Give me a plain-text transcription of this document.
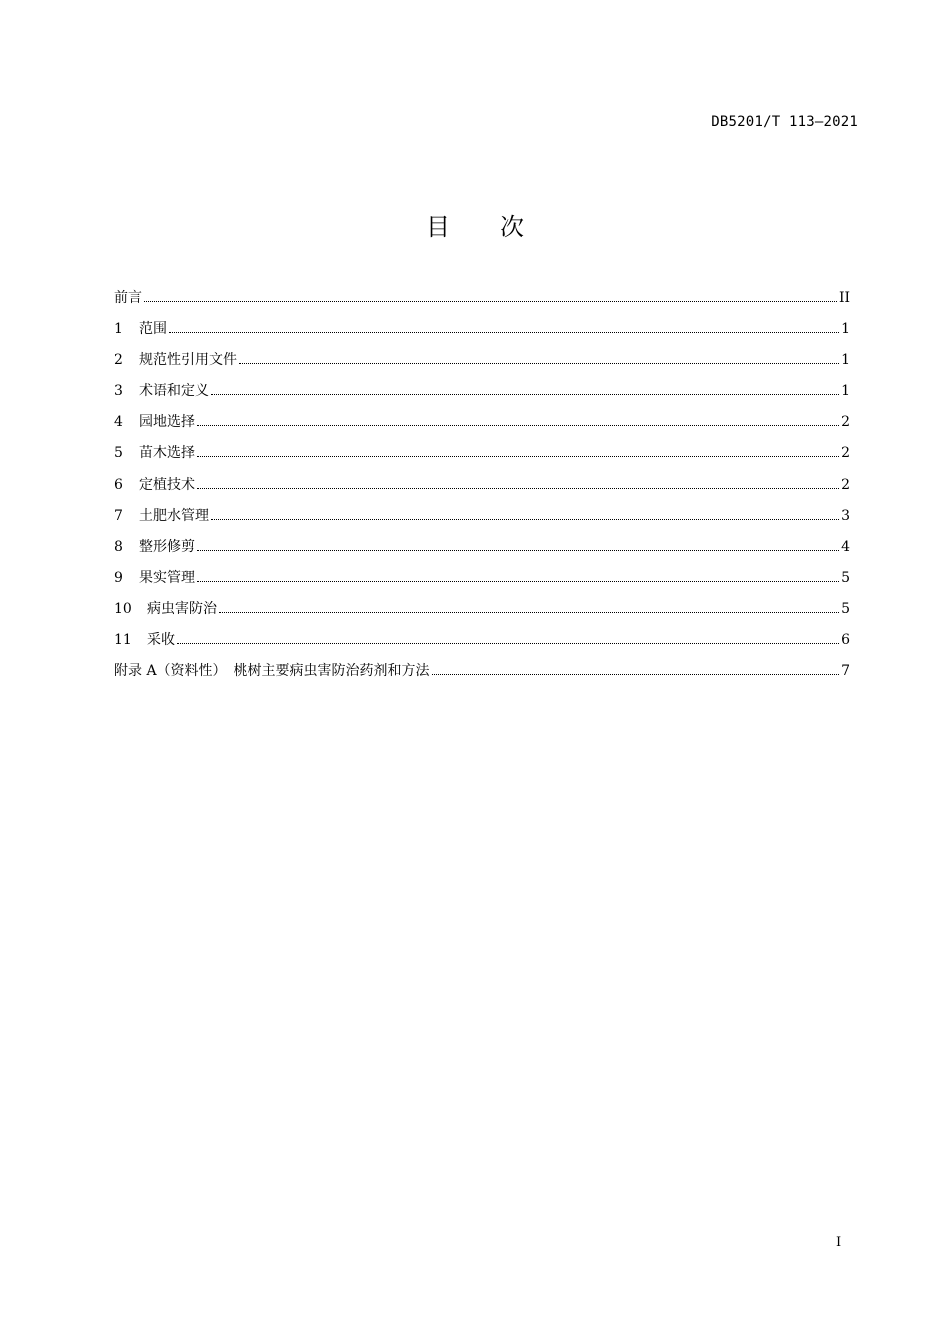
DB5201/T 113—2021
目 次
前言	II
1	范围	1
2	规范性引用文件	1
3	术语和定义	1
4	园地选择	2
5	苗木选择	2
6	定植技术	2
7	土肥水管理	3
8	整形修剪	4
9	果实管理	5
10	病虫害防治	5
11	采收	6
附录 A（资料性）　桃树主要病虫害防治药剂和方法	7
I
